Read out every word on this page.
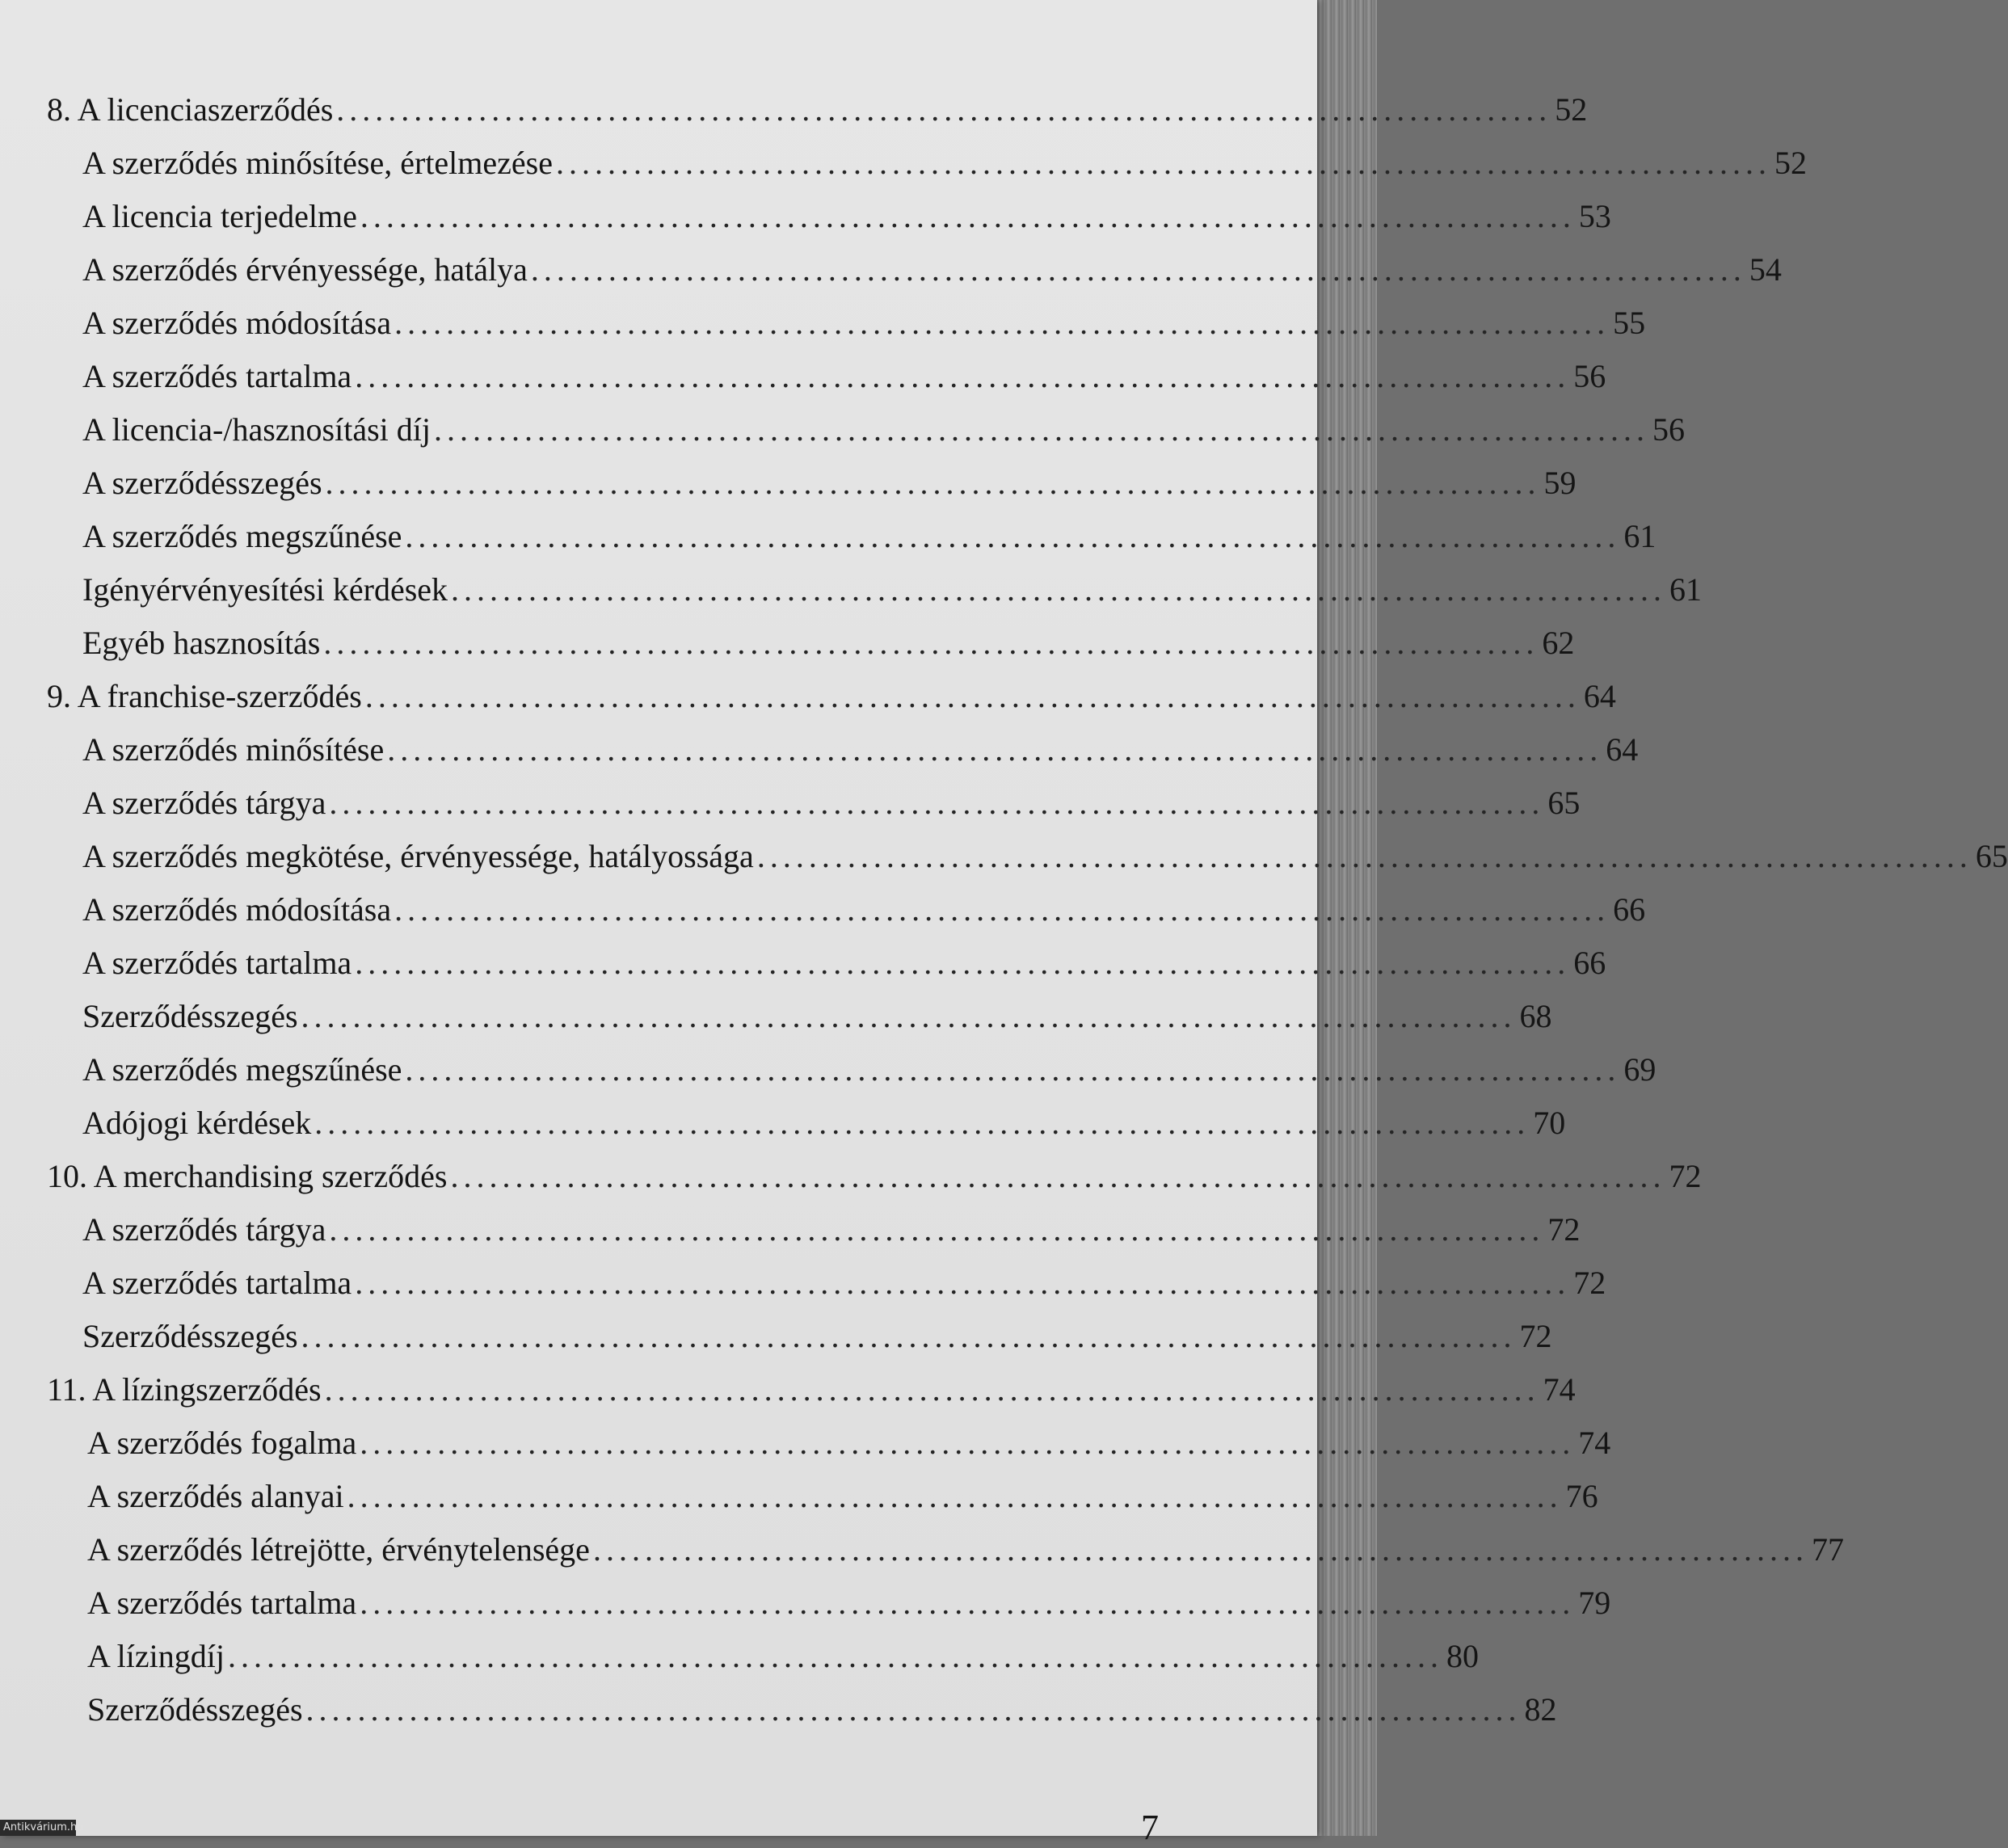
8. A licenciaszerződés .............................................................................................. 52
A szerződés minősítése, értelmezése .............................................................................................. 52
A licencia terjedelme .............................................................................................. 53
A szerződés érvényessége, hatálya .............................................................................................. 54
A szerződés módosítása .............................................................................................. 55
A szerződés tartalma .............................................................................................. 56
A licencia-/hasznosítási díj .............................................................................................. 56
A szerződésszegés .............................................................................................. 59
A szerződés megszűnése .............................................................................................. 61
Igényérvényesítési kérdések .............................................................................................. 61
Egyéb hasznosítás .............................................................................................. 62
9. A franchise-szerződés .............................................................................................. 64
A szerződés minősítése .............................................................................................. 64
A szerződés tárgya .............................................................................................. 65
A szerződés megkötése, érvényessége, hatályossága .............................................................................................. 65
A szerződés módosítása .............................................................................................. 66
A szerződés tartalma .............................................................................................. 66
Szerződésszegés .............................................................................................. 68
A szerződés megszűnése .............................................................................................. 69
Adójogi kérdések .............................................................................................. 70
10. A merchandising szerződés .............................................................................................. 72
A szerződés tárgya .............................................................................................. 72
A szerződés tartalma .............................................................................................. 72
Szerződésszegés .............................................................................................. 72
11. A lízingszerződés .............................................................................................. 74
A szerződés fogalma .............................................................................................. 74
A szerződés alanyai .............................................................................................. 76
A szerződés létrejötte, érvénytelensége .............................................................................................. 77
A szerződés tartalma .............................................................................................. 79
A lízingdíj .............................................................................................. 80
Szerződésszegés .............................................................................................. 82
7
Antikvárium.hu
